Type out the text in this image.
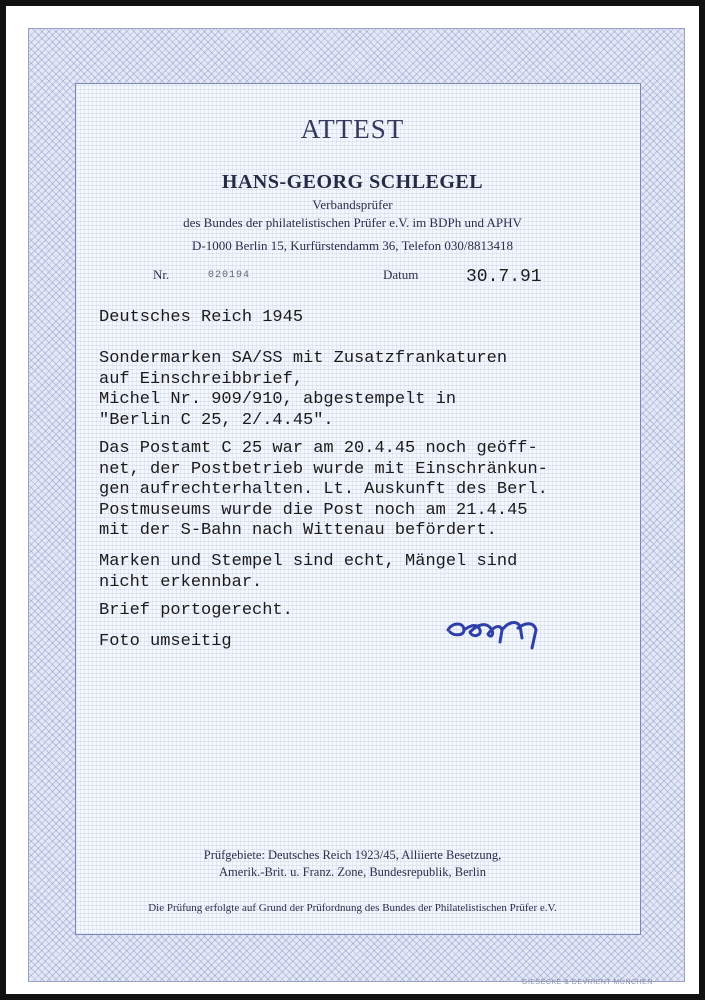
ATTEST
HANS-GEORG SCHLEGEL
Verbandsprüfer
des Bundes der philatelistischen Prüfer e.V. im BDPh und APHV
D-1000 Berlin 15, Kurfürstendamm 36, Telefon 030/8813418
Nr.	020194	Datum	30.7.91
Deutsches Reich 1945
Sondermarken SA/SS mit Zusatzfrankaturen
auf Einschreibbrief,
Michel Nr. 909/910, abgestempelt in
"Berlin C 25, 2/.4.45".
Das Postamt C 25 war am 20.4.45 noch geöff-
net, der Postbetrieb wurde mit Einschränkun-
gen aufrechterhalten. Lt. Auskunft des Berl.
Postmuseums wurde die Post noch am 21.4.45
mit der S-Bahn nach Wittenau befördert.
Marken und Stempel sind echt, Mängel sind
nicht erkennbar.
Brief portogerecht.
Foto umseitig
Prüfgebiete: Deutsches Reich 1923/45, Alliierte Besetzung,
Amerik.-Brit. u. Franz. Zone, Bundesrepublik, Berlin
Die Prüfung erfolgte auf Grund der Prüfordnung des Bundes der Philatelistischen Prüfer e.V.
GIESECKE & DEVRIENT MÜNCHEN
